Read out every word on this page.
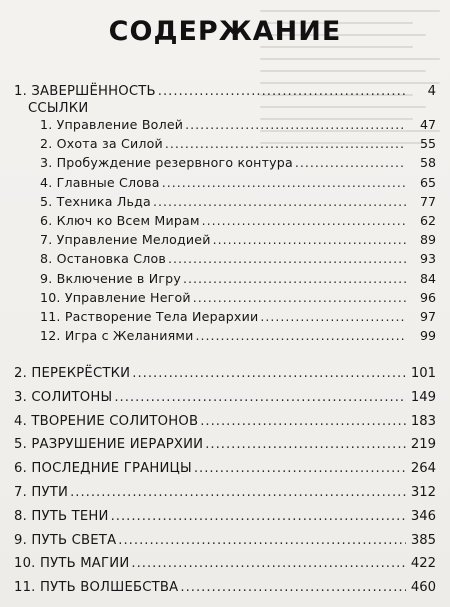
СОДЕРЖАНИЕ
1. ЗАВЕРШЁННОСТЬ .....	4
ССЫЛКИ
1. Управление Волей .....	47
2. Охота за Силой .....	55
3. Пробуждение резервного контура .....	58
4. Главные Слова .....	65
5. Техника Льда .....	77
6. Ключ ко Всем Мирам .....	62
7. Управление Мелодией .....	89
8. Остановка Слов .....	93
9. Включение в Игру .....	84
10. Управление Негой .....	96
11. Растворение Тела Иерархии .....	97
12. Игра с Желаниями .....	99
2. ПЕРЕКРЁСТКИ .....	101
3. СОЛИТОНЫ .....	149
4. ТВОРЕНИЕ СОЛИТОНОВ .....	183
5. РАЗРУШЕНИЕ ИЕРАРХИИ .....	219
6. ПОСЛЕДНИЕ ГРАНИЦЫ .....	264
7. ПУТИ .....	312
8. ПУТЬ ТЕНИ .....	346
9. ПУТЬ СВЕТА .....	385
10. ПУТЬ МАГИИ .....	422
11. ПУТЬ ВОЛШЕБСТВА .....	460
